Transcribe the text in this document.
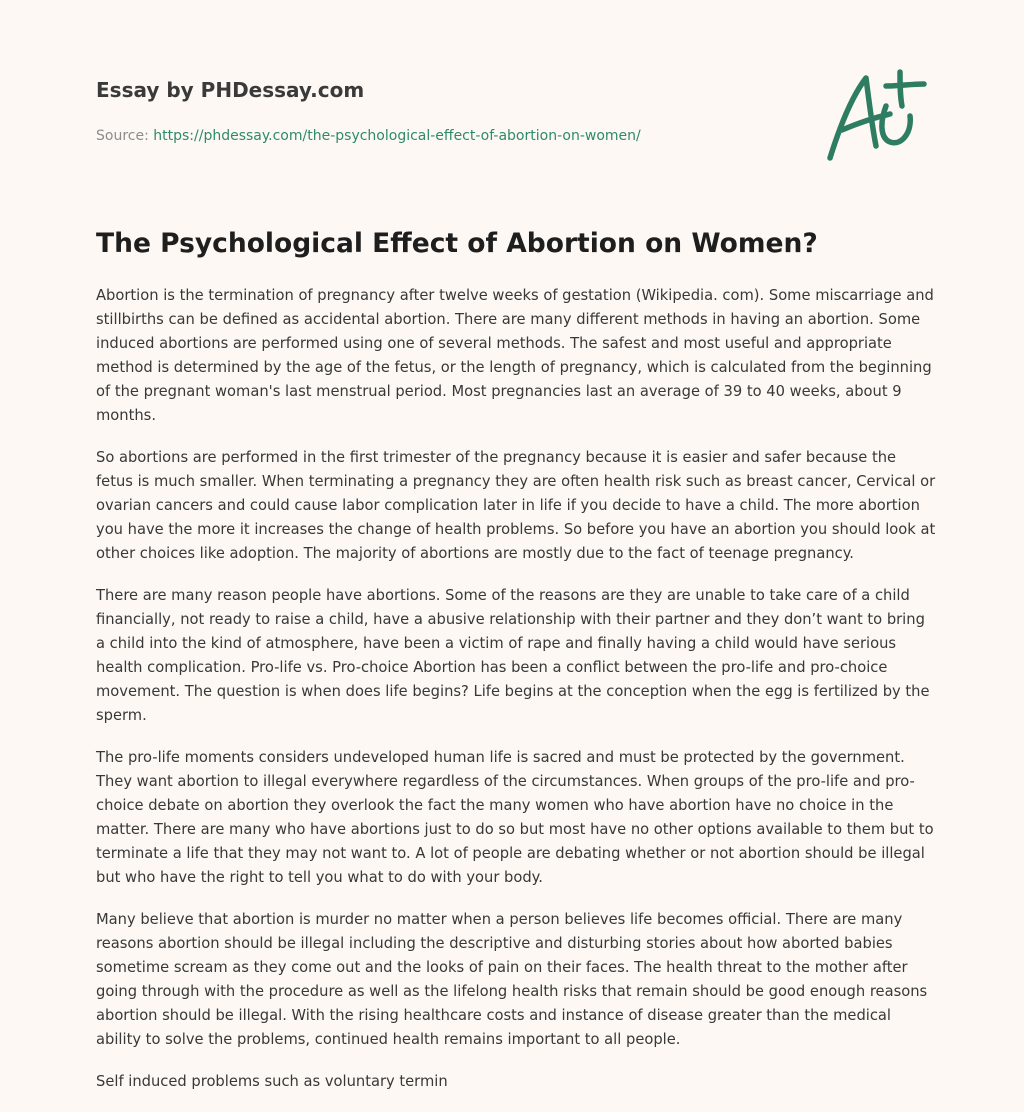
Essay by PHDessay.com
Source: https://phdessay.com/the-psychological-effect-of-abortion-on-women/
The Psychological Effect of Abortion on Women?

Abortion is the termination of pregnancy after twelve weeks of gestation (Wikipedia. com). Some miscarriage and stillbirths can be defined as accidental abortion. There are many different methods in having an abortion. Some induced abortions are performed using one of several methods. The safest and most useful and appropriate method is determined by the age of the fetus, or the length of pregnancy, which is calculated from the beginning of the pregnant woman's last menstrual period. Most pregnancies last an average of 39 to 40 weeks, about 9 months.

So abortions are performed in the first trimester of the pregnancy because it is easier and safer because the fetus is much smaller. When terminating a pregnancy they are often health risk such as breast cancer, Cervical or ovarian cancers and could cause labor complication later in life if you decide to have a child. The more abortion you have the more it increases the change of health problems. So before you have an abortion you should look at other choices like adoption. The majority of abortions are mostly due to the fact of teenage pregnancy.

There are many reason people have abortions. Some of the reasons are they are unable to take care of a child financially, not ready to raise a child, have a abusive relationship with their partner and they don’t want to bring a child into the kind of atmosphere, have been a victim of rape and finally having a child would have serious health complication. Pro-life vs. Pro-choice Abortion has been a conflict between the pro-life and pro-choice movement. The question is when does life begins? Life begins at the conception when the egg is fertilized by the sperm.

The pro-life moments considers undeveloped human life is sacred and must be protected by the government. They want abortion to illegal everywhere regardless of the circumstances. When groups of the pro-life and pro-choice debate on abortion they overlook the fact the many women who have abortion have no choice in the matter. There are many who have abortions just to do so but most have no other options available to them but to terminate a life that they may not want to. A lot of people are debating whether or not abortion should be illegal but who have the right to tell you what to do with your body.

Many believe that abortion is murder no matter when a person believes life becomes official. There are many reasons abortion should be illegal including the descriptive and disturbing stories about how aborted babies sometime scream as they come out and the looks of pain on their faces. The health threat to the mother after going through with the procedure as well as the lifelong health risks that remain should be good enough reasons abortion should be illegal. With the rising healthcare costs and instance of disease greater than the medical ability to solve the problems, continued health remains important to all people.

Self induced problems such as voluntary termin
